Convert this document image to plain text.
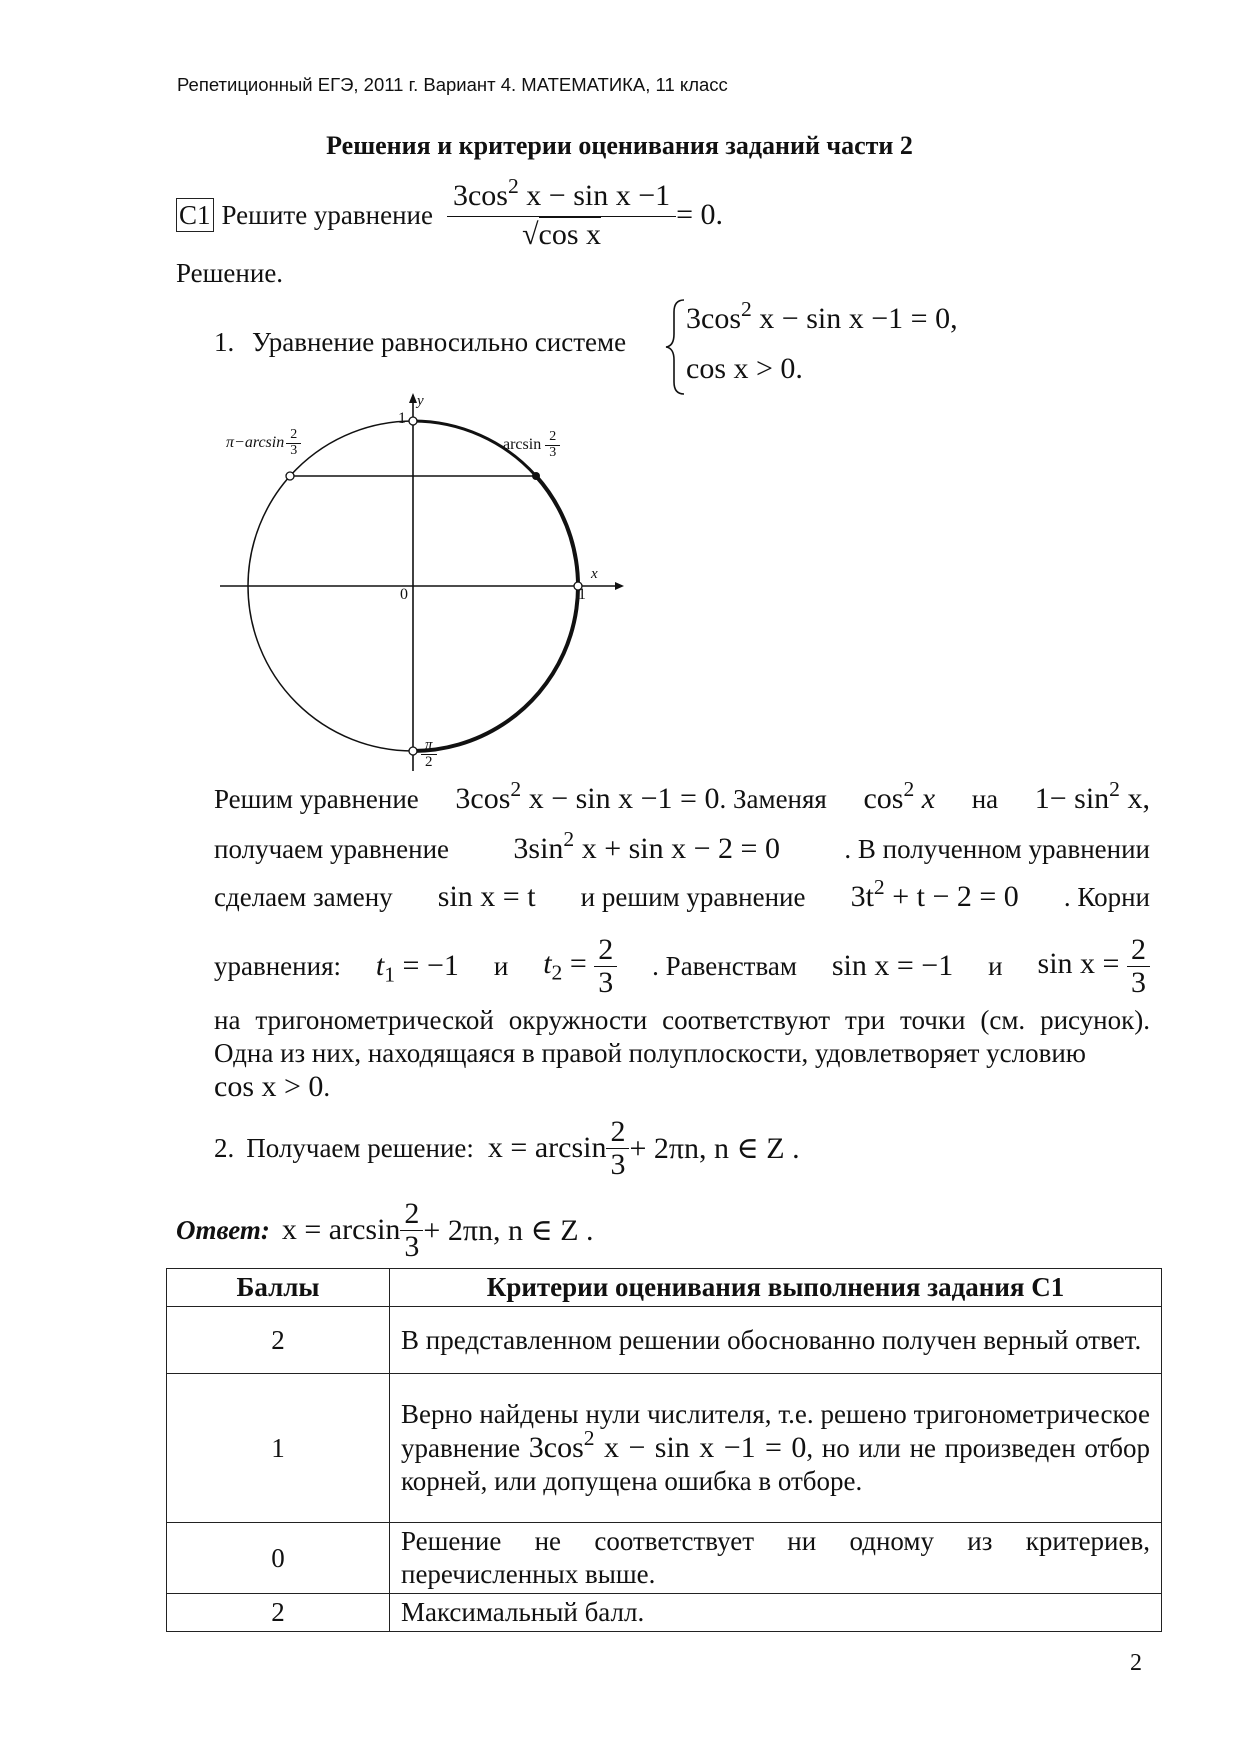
Репетиционный ЕГЭ, 2011 г. Вариант 4. МАТЕМАТИКА, 11 класс
Решения и критерии оценивания заданий части 2
С1 Решите уравнение $\frac{3\cos^2 x - \sin x -1}{\text{√cos x}} = 0$.
Решение.
1. Уравнение равносильно системе
$3\cos^2$ x − sin x −1 = 0,
cos x > 0.
y
x
0	1
1
$\pi-\arcsin \frac{2}{3}$	$\arcsin \frac{2}{3}$
$\frac{\pi}{2}$
Решим уравнение $3\cos^2$ x − sin x −1 = 0. Заменяя $\cos^2 x$ на $1- \sin^2 x$,
получаем уравнение $3\sin^2$ x + sin x − 2 = 0 . В полученном уравнении
сделаем замену sin x = t и решим уравнение $3t^2 + t - 2 = 0$ . Корни
уравнения: $t_1 = -1$ и $t_2 = \frac{2}{3}$ . Равенствам sin x = −1 и $\sin x = \frac{2}{3}$
на тригонометрической окружности соответствуют три точки (см. рисунок). Одна из них, находящаяся в правой полуплоскости, удовлетворяет условию
cos x > 0.
2. Получаем решение: $x = \arcsin \frac{2}{3} + 2\pi n$, n ∈ Z .
Ответ: $x = \arcsin \frac{2}{3} + 2\pi n$, n ∈ Z .
Баллы	Критерии оценивания выполнения задания С1
2	В представленном решении обоснованно получен верный ответ.
1	Верно найдены нули числителя, т.е. решено тригонометрическое уравнение $3\cos^2$ x − sin x −1 = 0, но или не произведен отбор корней, или допущена ошибка в отборе.
0	Решение не соответствует ни одному из критериев, перечисленных выше.
2	Максимальный балл.
2
